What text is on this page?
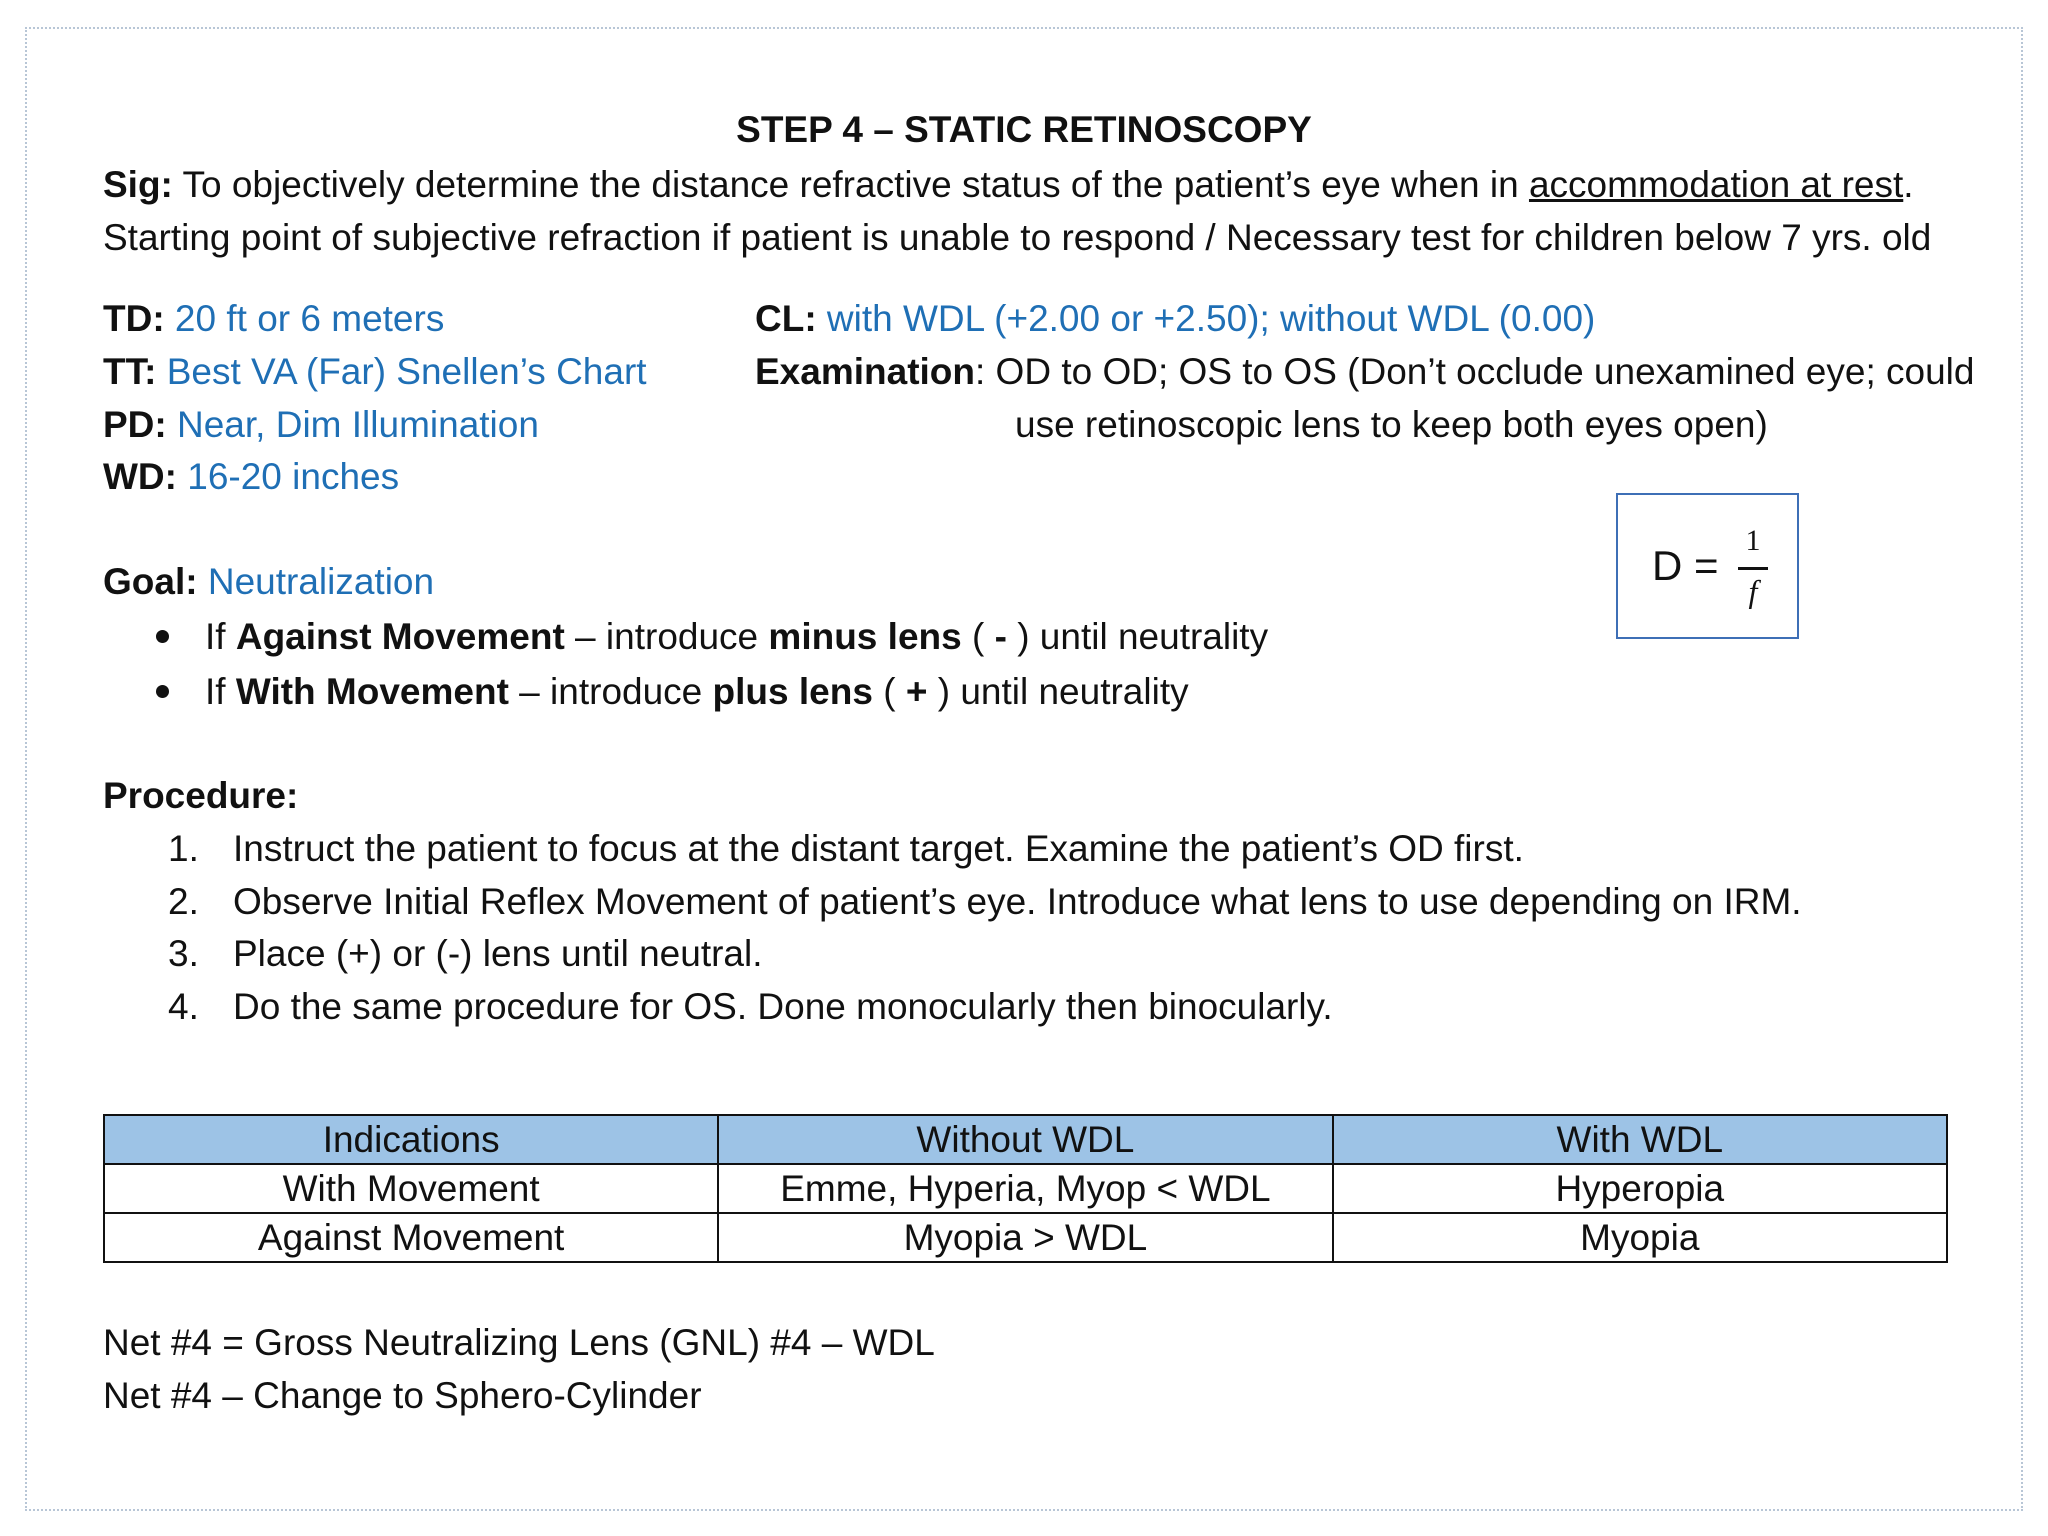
STEP 4 – STATIC RETINOSCOPY
Sig: To objectively determine the distance refractive status of the patient’s eye when in accommodation at rest.
Starting point of subjective refraction if patient is unable to respond / Necessary test for children below 7 yrs. old
TD: 20 ft or 6 meters
TT: Best VA (Far) Snellen’s Chart
PD: Near, Dim Illumination
WD: 16-20 inches
CL: with WDL (+2.00 or +2.50); without WDL (0.00)
Examination: OD to OD; OS to OS (Don’t occlude unexamined eye; could
use retinoscopic lens to keep both eyes open)
D =
1
f
Goal: Neutralization
If Against Movement – introduce minus lens ( - ) until neutrality
If With Movement – introduce plus lens ( + ) until neutrality
Procedure:
1. Instruct the patient to focus at the distant target. Examine the patient’s OD first.
2. Observe Initial Reflex Movement of patient’s eye. Introduce what lens to use depending on IRM.
3. Place (+) or (-) lens until neutral.
4. Do the same procedure for OS. Done monocularly then binocularly.
Indications	Without WDL	With WDL
With Movement	Emme, Hyperia, Myop < WDL	Hyperopia
Against Movement	Myopia > WDL	Myopia
Net #4 = Gross Neutralizing Lens (GNL) #4 – WDL
Net #4 – Change to Sphero-Cylinder
